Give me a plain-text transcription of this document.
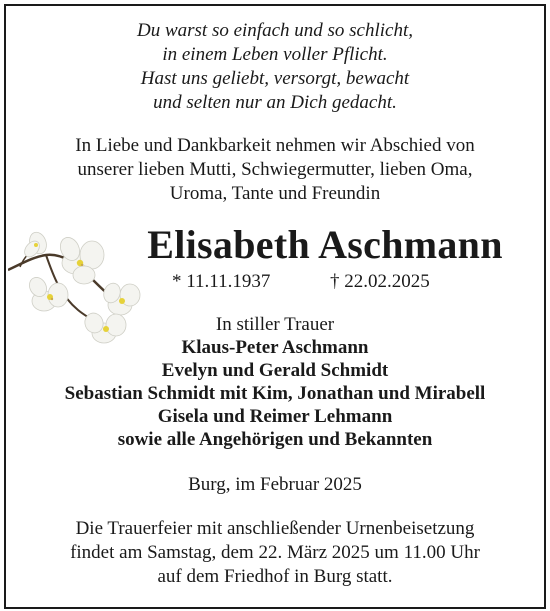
Du warst so einfach und so schlicht,
in einem Leben voller Pflicht.
Hast uns geliebt, versorgt, bewacht
und selten nur an Dich gedacht.
In Liebe und Dankbarkeit nehmen wir Abschied von
unserer lieben Mutti, Schwiegermutter, lieben Oma,
Uroma, Tante und Freundin
Elisabeth Aschmann
* 11.11.1937	† 22.02.2025
In stiller Trauer
Klaus-Peter Aschmann
Evelyn und Gerald Schmidt
Sebastian Schmidt mit Kim, Jonathan und Mirabell
Gisela und Reimer Lehmann
sowie alle Angehörigen und Bekannten
Burg, im Februar 2025
Die Trauerfeier mit anschließender Urnenbeisetzung
findet am Samstag, dem 22. März 2025 um 11.00 Uhr
auf dem Friedhof in Burg statt.
